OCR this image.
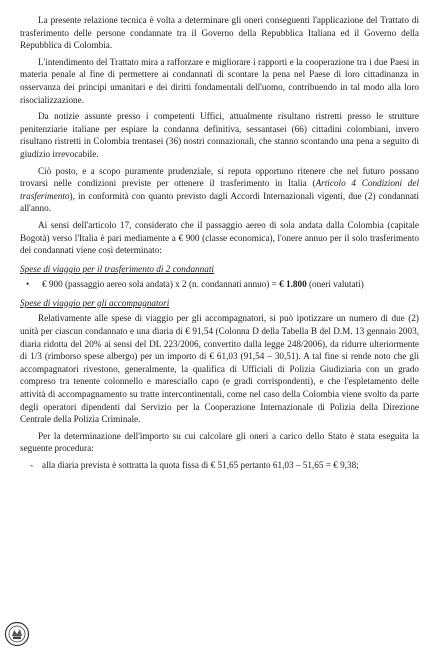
La presente relazione tecnica è volta a determinare gli oneri conseguenti l'applicazione del Trattato di trasferimento delle persone condannate tra il Governo della Repubblica Italiana ed il Governo della Repubblica di Colombia.

L'intendimento del Trattato mira a rafforzare e migliorare i rapporti e la cooperazione tra i due Paesi in materia penale al fine di permettere ai condannati di scontare la pena nel Paese di loro cittadinanza in osservanza dei principi umanitari e dei diritti fondamentali dell'uomo, contribuendo in tal modo alla loro risocializzazione.

Da notizie assunte presso i competenti Uffici, attualmente risultano ristretti presso le strutture penitenziarie italiane per espiare la condanna definitiva, sessantasei (66) cittadini colombiani, invero risultano ristretti in Colombia trentasei (36) nostri connazionali, che stanno scontando una pena a seguito di giudizio irrevocabile.

Ciò posto, e a scopo puramente prudenziale, si reputa opportuno ritenere che nel futuro possano trovarsi nelle condizioni previste per ottenere il trasferimento in Italia (Articolo 4 Condizioni del trasferimento), in conformità con quanto previsto dagli Accordi Internazionali vigenti, due (2) condannati all'anno.

Ai sensi dell'articolo 17, considerato che il passaggio aereo di sola andata dalla Colombia (capitale Bogotà) verso l'Italia è pari mediamente a € 900 (classe economica), l'onere annuo per il solo trasferimento dei condannati viene così determinato:

Spese di viaggio per il trasferimento di 2 condannati

• € 900 (passaggio aereo sola andata) x 2 (n. condannati annuo) = € 1.800 (oneri valutati)

Spese di viaggio per gli accompagnatori

Relativamente alle spese di viaggio per gli accompagnatori, si può ipotizzare un numero di due (2) unità per ciascun condannato e una diaria di € 91,54 (Colonna D della Tabella B del D.M. 13 gennaio 2003, diaria ridotta del 20% ai sensi del DL 223/2006, convertito dalla legge 248/2006), da ridurre ulteriormente di 1/3 (rimborso spese albergo) per un importo di € 61,03 (91,54 – 30,51). A tal fine si rende noto che gli accompagnatori rivestono, generalmente, la qualifica di Ufficiali di Polizia Giudiziaria con un grado compreso tra tenente colonnello e maresciallo capo (e gradi corrispondenti), e che l'espletamento delle attività di accompagnamento su tratte intercontinentali, come nel caso della Colombia viene svolto da parte degli operatori dipendenti dal Servizio per la Cooperazione Internazionale di Polizia della Direzione Centrale della Polizia Criminale.

Per la determinazione dell'importo su cui calcolare gli oneri a carico dello Stato è stata eseguita la seguente procedura:

- alla diaria prevista è sottratta la quota fissa di € 51,65 pertanto 61,03 – 51,65 = € 9,38;
